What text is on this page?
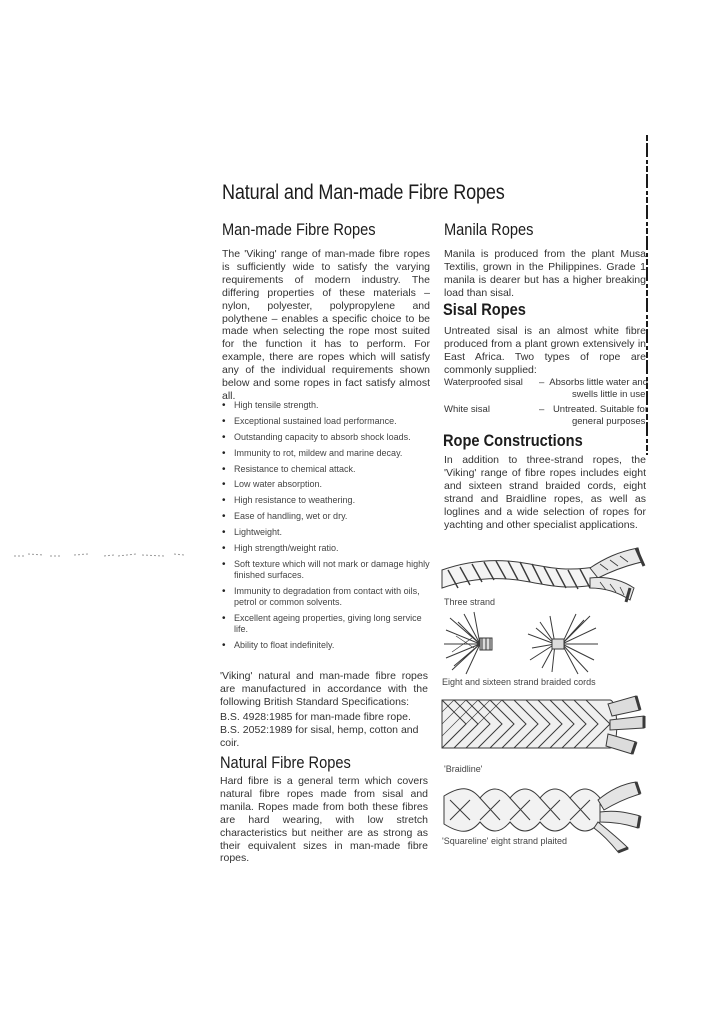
Natural and Man-made Fibre Ropes
Man-made Fibre Ropes

The 'Viking' range of man-made fibre ropes is sufficiently wide to satisfy the varying requirements of modern industry. The differing properties of these materials – nylon, polyester, polypropylene and polythene – enables a specific choice to be made when selecting the rope most suited for the function it has to perform. For example, there are ropes which will satisfy any of the individual requirements shown below and some ropes in fact satisfy almost all.

• High tensile strength.
• Exceptional sustained load performance.
• Outstanding capacity to absorb shock loads.
• Immunity to rot, mildew and marine decay.
• Resistance to chemical attack.
• Low water absorption.
• High resistance to weathering.
• Ease of handling, wet or dry.
• Lightweight.
• High strength/weight ratio.
• Soft texture which will not mark or damage highly finished surfaces.
• Immunity to degradation from contact with oils, petrol or common solvents.
• Excellent ageing properties, giving long service life.
• Ability to float indefinitely.

'Viking' natural and man-made fibre ropes are manufactured in accordance with the following British Standard Specifications:

B.S. 4928:1985 for man-made fibre rope.

B.S. 2052:1989 for sisal, hemp, cotton and coir.

Natural Fibre Ropes

Hard fibre is a general term which covers natural fibre ropes made from sisal and manila. Ropes made from both these fibres are hard wearing, with low stretch characteristics but neither are as strong as their equivalent sizes in man-made fibre ropes.

Manila Ropes

Manila is produced from the plant Musa Textilis, grown in the Philippines. Grade 1 manila is dearer but has a higher breaking load than sisal.

Sisal Ropes

Untreated sisal is an almost white fibre produced from a plant grown extensively in East Africa. Two types of rope are commonly supplied:

Waterproofed sisal – Absorbs little water and swells little in use.
White sisal	– Untreated. Suitable for general purposes.
Rope Constructions

In addition to three-strand ropes, the 'Viking' range of fibre ropes includes eight and sixteen strand braided cords, eight strand and Braidline ropes, as well as loglines and a wide selection of ropes for yachting and other specialist applications.

Three strand
Eight and sixteen strand braided cords
'Braidline'
'Squareline' eight strand plaited
